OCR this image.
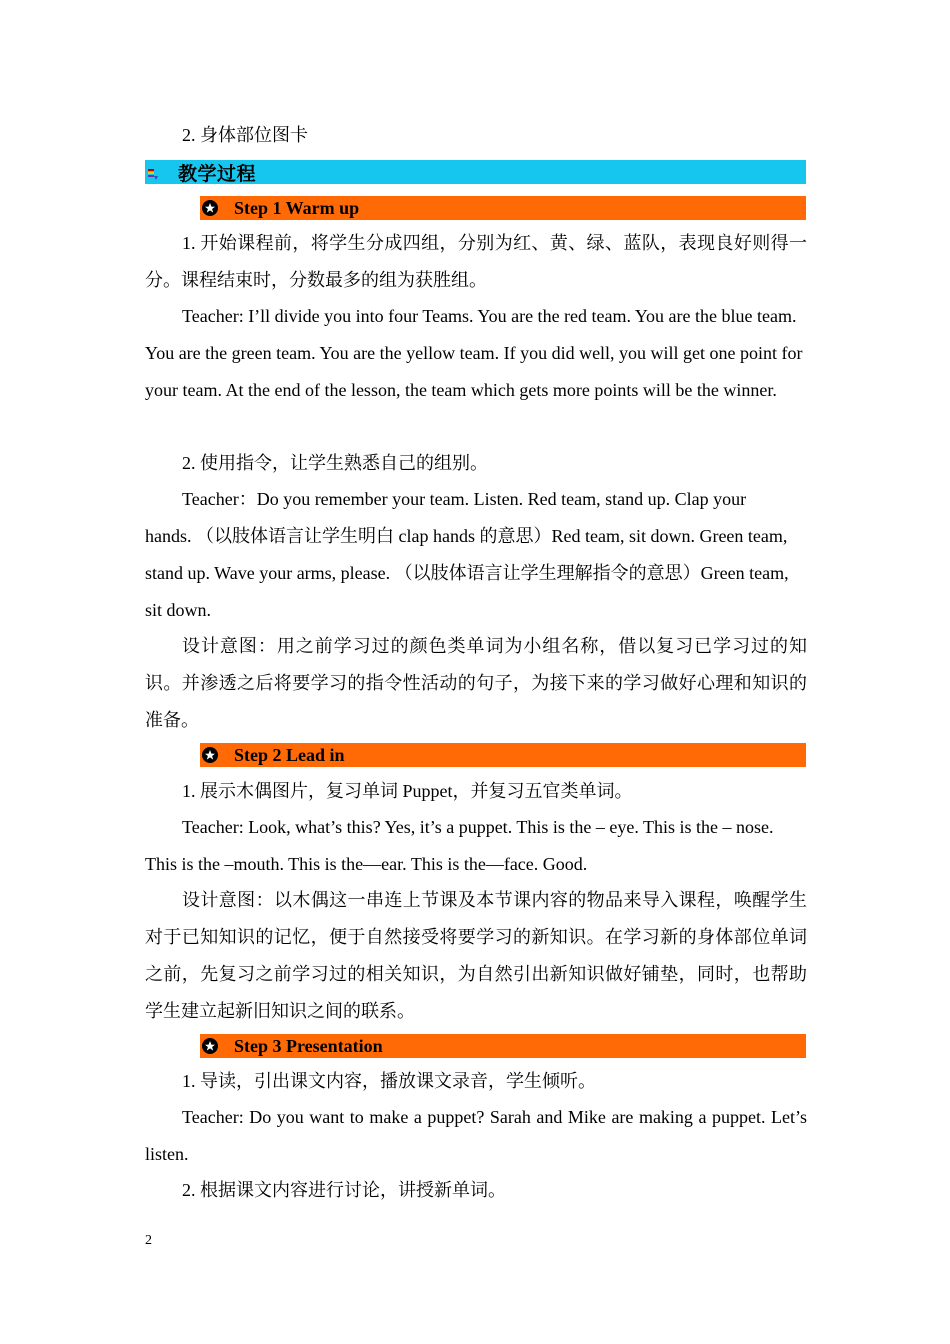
2. 身体部位图卡

教学过程
Step 1 Warm up

1. 开始课程前，将学生分成四组，分别为红、黄、绿、蓝队，表现良好则得一分。课程结束时，分数最多的组为获胜组。

Teacher: I’ll divide you into four Teams. You are the red team. You are the blue team. You are the green team. You are the yellow team. If you did well, you will get one point for your team. At the end of the lesson, the team which gets more points will be the winner.

2. 使用指令，让学生熟悉自己的组别。

Teacher：Do you remember your team. Listen. Red team, stand up. Clap your hands. （以肢体语言让学生明白 clap hands 的意思）Red team, sit down. Green team, stand up. Wave your arms, please. （以肢体语言让学生理解指令的意思）Green team, sit down.

设计意图：用之前学习过的颜色类单词为小组名称，借以复习已学习过的知识。并渗透之后将要学习的指令性活动的句子，为接下来的学习做好心理和知识的准备。

Step 2 Lead in

1. 展示木偶图片，复习单词 Puppet，并复习五官类单词。

Teacher: Look, what’s this? Yes, it’s a puppet. This is the – eye. This is the – nose. This is the –mouth. This is the—ear. This is the—face. Good.

设计意图：以木偶这一串连上节课及本节课内容的物品来导入课程，唤醒学生对于已知知识的记忆，便于自然接受将要学习的新知识。在学习新的身体部位单词之前，先复习之前学习过的相关知识，为自然引出新知识做好铺垫，同时，也帮助学生建立起新旧知识之间的联系。

Step 3 Presentation

1. 导读，引出课文内容，播放课文录音，学生倾听。

Teacher: Do you want to make a puppet? Sarah and Mike are making a puppet. Let’s listen.

2. 根据课文内容进行讨论，讲授新单词。

2
